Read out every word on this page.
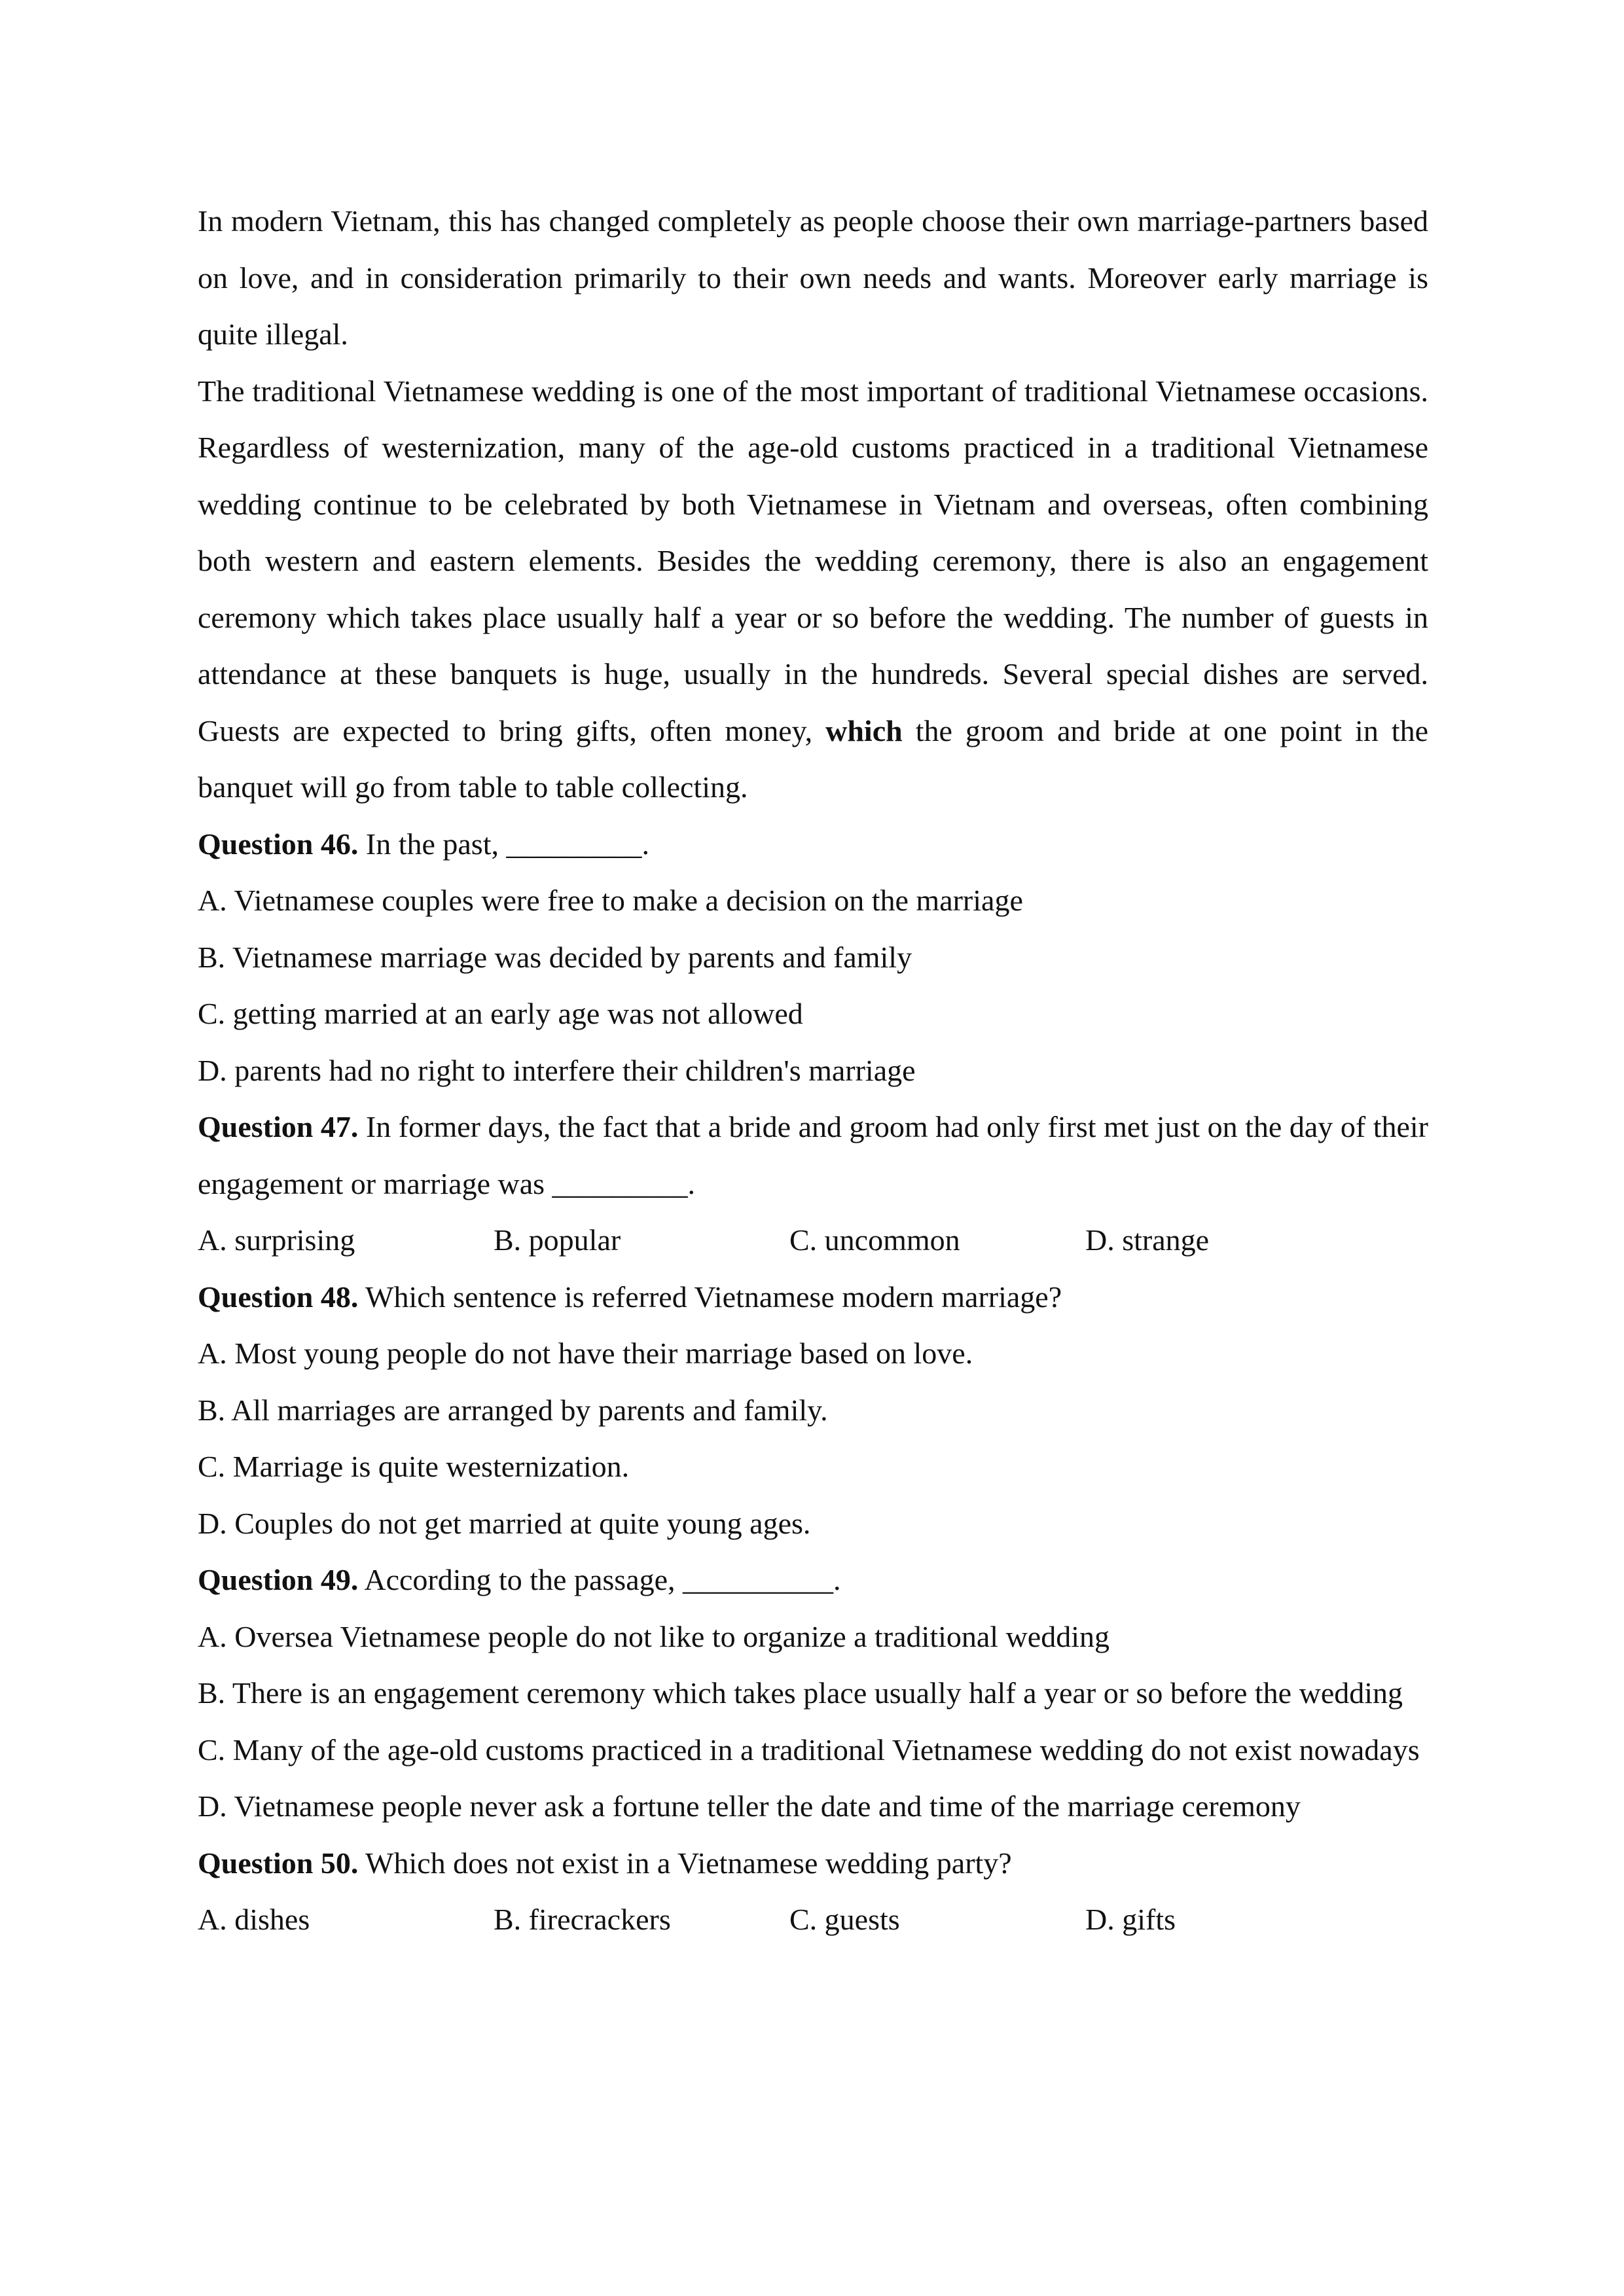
In modern Vietnam, this has changed completely as people choose their own marriage-partners based on love, and in consideration primarily to their own needs and wants. Moreover early marriage is quite illegal.

The traditional Vietnamese wedding is one of the most important of traditional Vietnamese occasions. Regardless of westernization, many of the age-old customs practiced in a traditional Vietnamese wedding continue to be celebrated by both Vietnamese in Vietnam and overseas, often combining both western and eastern elements. Besides the wedding ceremony, there is also an engagement ceremony which takes place usually half a year or so before the wedding. The number of guests in attendance at these banquets is huge, usually in the hundreds. Several special dishes are served. Guests are expected to bring gifts, often money, which the groom and bride at one point in the banquet will go from table to table collecting.

Question 46. In the past, _________.

A. Vietnamese couples were free to make a decision on the marriage

B. Vietnamese marriage was decided by parents and family

C. getting married at an early age was not allowed

D. parents had no right to interfere their children's marriage

Question 47. In former days, the fact that a bride and groom had only first met just on the day of their engagement or marriage was _________.

A. surprising	B. popular	C. uncommon	D. strange

Question 48. Which sentence is referred Vietnamese modern marriage?

A. Most young people do not have their marriage based on love.

B. All marriages are arranged by parents and family.

C. Marriage is quite westernization.

D. Couples do not get married at quite young ages.

Question 49. According to the passage, __________.

A. Oversea Vietnamese people do not like to organize a traditional wedding

B. There is an engagement ceremony which takes place usually half a year or so before the wedding

C. Many of the age-old customs practiced in a traditional Vietnamese wedding do not exist nowadays

D. Vietnamese people never ask a fortune teller the date and time of the marriage ceremony

Question 50. Which does not exist in a Vietnamese wedding party?

A. dishes	B. firecrackers	C. guests	D. gifts
